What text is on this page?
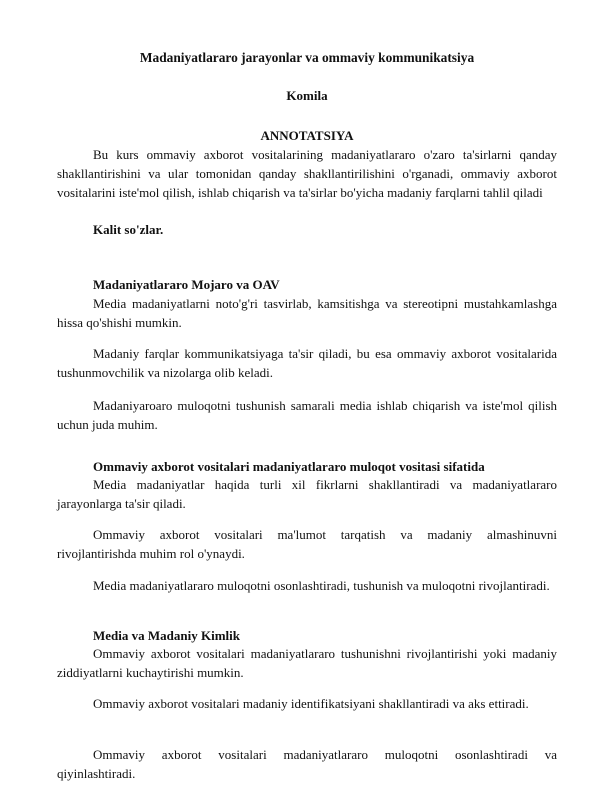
Madaniyatlararo jarayonlar va ommaviy kommunikatsiya
Komila
ANNOTATSIYA

Bu kurs ommaviy axborot vositalarining madaniyatlararo o'zaro ta'sirlarni qanday shakllantirishini va ular tomonidan qanday shakllantirilishini o'rganadi, ommaviy axborot vositalarini iste'mol qilish, ishlab chiqarish va ta'sirlar bo'yicha madaniy farqlarni tahlil qiladi

Kalit so'zlar.
Madaniyatlararo Mojaro va OAV

Media madaniyatlarni noto'g'ri tasvirlab, kamsitishga va stereotipni mustahkamlashga hissa qo'shishi mumkin.

Madaniy farqlar kommunikatsiyaga ta'sir qiladi, bu esa ommaviy axborot vositalarida tushunmovchilik va nizolarga olib keladi.

Madaniyaroaro muloqotni tushunish samarali media ishlab chiqarish va iste'mol qilish uchun juda muhim.

Ommaviy axborot vositalari madaniyatlararo muloqot vositasi sifatida

Media madaniyatlar haqida turli xil fikrlarni shakllantiradi va madaniyatlararo jarayonlarga ta'sir qiladi.

Ommaviy axborot vositalari ma'lumot tarqatish va madaniy almashinuvni rivojlantirishda muhim rol o'ynaydi.

Media madaniyatlararo muloqotni osonlashtiradi, tushunish va muloqotni rivojlantiradi.

Media va Madaniy Kimlik

Ommaviy axborot vositalari madaniyatlararo tushunishni rivojlantirishi yoki madaniy ziddiyatlarni kuchaytirishi mumkin.

Ommaviy axborot vositalari madaniy identifikatsiyani shakllantiradi va aks ettiradi.

Ommaviy axborot vositalari madaniyatlararo muloqotni osonlashtiradi va qiyinlashtiradi.
